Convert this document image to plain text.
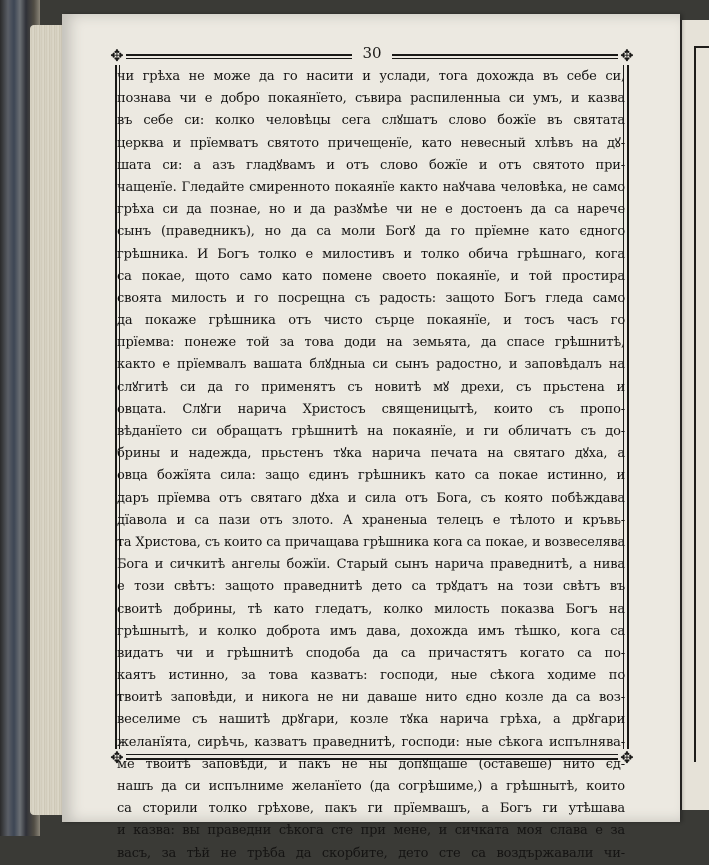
✥	✥
✥	✥
30
чи грѣха не може да го насити и услади, тога дохожда въ себе си,
познава чи е добро покаянїето, съвира распиленныа си умъ, и казва
въ себе си: колко человѣцы сега слꙋшатъ слово божїе въ святата
церква и прїемватъ святото причещенїе, като невесный хлѣвъ на дꙋ-
шата си: а азъ гладꙋвамъ и отъ слово божїе и отъ святото при-
чащенїе. Гледайте смиренното покаянїе както наꙋчава человѣка, не само
грѣха си да познае, но и да разꙋмѣе чи не е достоенъ да са нарече
сынъ (праведникъ), но да са моли Богꙋ да го прїемне като єдного
грѣшника. И Богъ толко е милостивъ и толко обича грѣшнаго, кога
са покае, щото само като помене своето покаянїе, и той простира
своята милость и го посрещна съ радость: защото Богъ гледа само
да покаже грѣшника отъ чисто сърце покаянїе, и тосъ часъ го
прїемва: понеже той за това доди на земьята, да спасе грѣшнитѣ,
както е прїемвалъ вашата блꙋдныа си сынъ радостно, и заповѣдалъ на
слꙋгитѣ си да го применятъ съ новитѣ мꙋ дрехи, съ прьстена и
овцата. Слꙋги нарича Христосъ священицытѣ, които съ пропо-
вѣданїето си обращатъ грѣшнитѣ на покаянїе, и ги обличатъ съ до-
брины и надежда, прьстенъ тꙋка нарича печата на святаго дꙋха, а
овца божїята сила: защо єдинъ грѣшникъ като са покае истинно, и
даръ прїемва отъ святаго дꙋха и сила отъ Бога, съ която побѣждава
дїавола и са пази отъ злото. А храненыа телецъ е тѣлото и кръвь-
та Христова, съ които са причащава грѣшника кога са покае, и возвеселява
Бога и сичкитѣ ангелы божїи. Старый сынъ нарича праведнитѣ, а нива
е този свѣтъ: защото праведнитѣ дето са трꙋдатъ на този свѣтъ въ
своитѣ добрины, тѣ като гледатъ, колко милость показва Богъ на
грѣшнытѣ, и колко доброта имъ дава, дохожда имъ тѣшко, кога са
видатъ чи и грѣшнитѣ сподоба да са причастятъ когато са по-
каятъ истинно, за това казватъ: господи, ные сѣкога ходиме по
твоитѣ заповѣди, и никога не ни даваше нито єдно козле да са воз-
веселиме съ нашитѣ дрꙋгари, козле тꙋка нарича грѣха, а дрꙋгари
желанїята, сирѣчь, казватъ праведнитѣ, господи: ные сѣкога испълнява-
ме твоитѣ заповѣди, и пакъ не ны допꙋщаше (оставеше) нито єд-
нашъ да си испълниме желанїето (да согрѣшиме,) а грѣшнытѣ, които
са сторили толко грѣхове, пакъ ги прїемвашъ, а Богъ ги утѣшава
и казва: вы праведни сѣкога сте при мене, и сичката моя слава е за
васъ, за тѣй не трѣба да скорбите, дето сте са воздържавали чи-
